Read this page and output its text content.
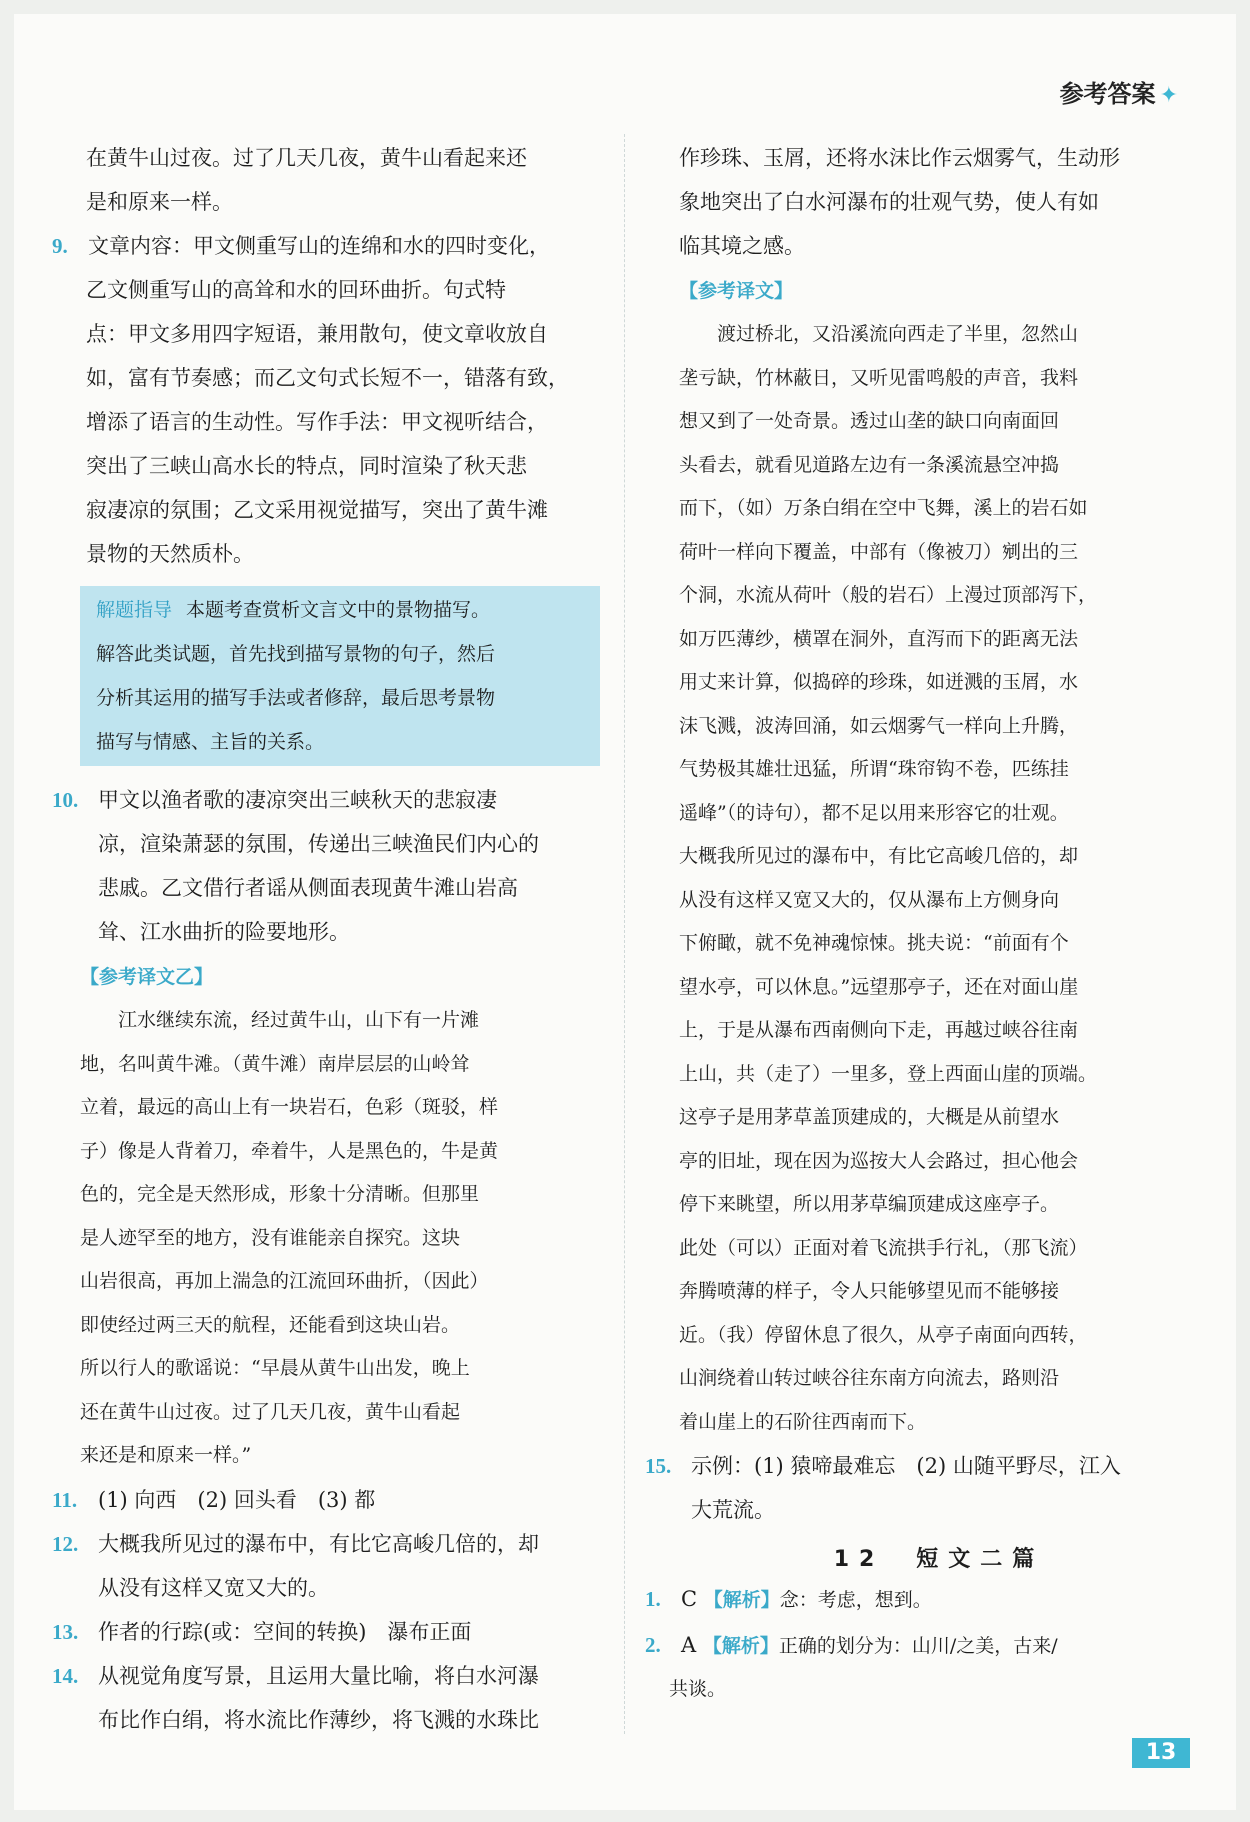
参考答案 ✦
在黄牛山过夜。过了几天几夜，黄牛山看起来还
是和原来一样。
9. 文章内容：甲文侧重写山的连绵和水的四时变化，
乙文侧重写山的高耸和水的回环曲折。句式特
点：甲文多用四字短语，兼用散句，使文章收放自
如，富有节奏感；而乙文句式长短不一，错落有致，
增添了语言的生动性。写作手法：甲文视听结合，
突出了三峡山高水长的特点，同时渲染了秋天悲
寂凄凉的氛围；乙文采用视觉描写，突出了黄牛滩
景物的天然质朴。
解题指导 本题考查赏析文言文中的景物描写。
解答此类试题，首先找到描写景物的句子，然后
分析其运用的描写手法或者修辞，最后思考景物
描写与情感、主旨的关系。
10. 甲文以渔者歌的凄凉突出三峡秋天的悲寂凄
凉，渲染萧瑟的氛围，传递出三峡渔民们内心的
悲戚。乙文借行者谣从侧面表现黄牛滩山岩高
耸、江水曲折的险要地形。
【参考译文乙】
江水继续东流，经过黄牛山，山下有一片滩
地，名叫黄牛滩。（黄牛滩）南岸层层的山岭耸
立着，最远的高山上有一块岩石，色彩（斑驳，样
子）像是人背着刀，牵着牛，人是黑色的，牛是黄
色的，完全是天然形成，形象十分清晰。但那里
是人迹罕至的地方，没有谁能亲自探究。这块
山岩很高，再加上湍急的江流回环曲折，（因此）
即使经过两三天的航程，还能看到这块山岩。
所以行人的歌谣说：“早晨从黄牛山出发，晚上
还在黄牛山过夜。过了几天几夜，黄牛山看起
来还是和原来一样。”
11. (1) 向西　(2) 回头看　(3) 都
12. 大概我所见过的瀑布中，有比它高峻几倍的，却
从没有这样又宽又大的。
13. 作者的行踪(或：空间的转换)　瀑布正面
14. 从视觉角度写景，且运用大量比喻，将白水河瀑
布比作白绢，将水流比作薄纱，将飞溅的水珠比
作珍珠、玉屑，还将水沫比作云烟雾气，生动形
象地突出了白水河瀑布的壮观气势，使人有如
临其境之感。
【参考译文】
渡过桥北，又沿溪流向西走了半里，忽然山
垄亏缺，竹林蔽日，又听见雷鸣般的声音，我料
想又到了一处奇景。透过山垄的缺口向南面回
头看去，就看见道路左边有一条溪流悬空冲捣
而下，（如）万条白绢在空中飞舞，溪上的岩石如
荷叶一样向下覆盖，中部有（像被刀）剜出的三
个洞，水流从荷叶（般的岩石）上漫过顶部泻下，
如万匹薄纱，横罩在洞外，直泻而下的距离无法
用丈来计算，似捣碎的珍珠，如迸溅的玉屑，水
沫飞溅，波涛回涌，如云烟雾气一样向上升腾，
气势极其雄壮迅猛，所谓“珠帘钩不卷，匹练挂
遥峰”（的诗句），都不足以用来形容它的壮观。
大概我所见过的瀑布中，有比它高峻几倍的，却
从没有这样又宽又大的，仅从瀑布上方侧身向
下俯瞰，就不免神魂惊悚。挑夫说：“前面有个
望水亭，可以休息。”远望那亭子，还在对面山崖
上，于是从瀑布西南侧向下走，再越过峡谷往南
上山，共（走了）一里多，登上西面山崖的顶端。
这亭子是用茅草盖顶建成的，大概是从前望水
亭的旧址，现在因为巡按大人会路过，担心他会
停下来眺望，所以用茅草编顶建成这座亭子。
此处（可以）正面对着飞流拱手行礼，（那飞流）
奔腾喷薄的样子，令人只能够望见而不能够接
近。（我）停留休息了很久，从亭子南面向西转，
山涧绕着山转过峡谷往东南方向流去，路则沿
着山崖上的石阶往西南而下。
15. 示例：(1) 猿啼最难忘　(2) 山随平野尽，江入
大荒流。
12　短文二篇
1. C 【解析】念：考虑，想到。
2. A 【解析】正确的划分为：山川/之美，古来/
共谈。
13
